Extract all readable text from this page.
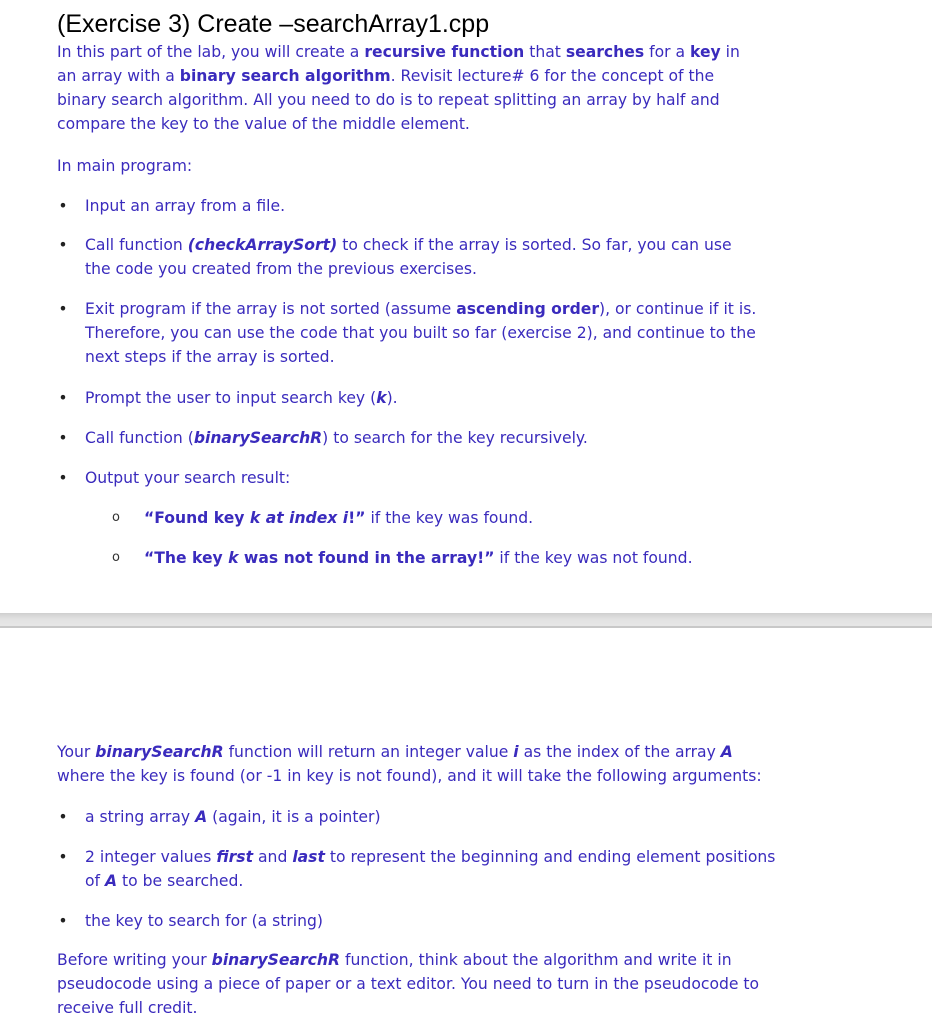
(Exercise 3) Create –searchArray1.cpp
In this part of the lab, you will create a recursive function that searches for a key in
an array with a binary search algorithm. Revisit lecture# 6 for the concept of the
binary search algorithm. All you need to do is to repeat splitting an array by half and
compare the key to the value of the middle element.
In main program:
• Input an array from a file.
• Call function (checkArraySort) to check if the array is sorted. So far, you can use
the code you created from the previous exercises.
• Exit program if the array is not sorted (assume ascending order), or continue if it is.
Therefore, you can use the code that you built so far (exercise 2), and continue to the
next steps if the array is sorted.
• Prompt the user to input search key (k).
• Call function (binarySearchR) to search for the key recursively.
• Output your search result:
o “Found key k at index i!” if the key was found.
o “The key k was not found in the array!” if the key was not found.
Your binarySearchR function will return an integer value i as the index of the array A
where the key is found (or -1 in key is not found), and it will take the following arguments:
• a string array A (again, it is a pointer)
• 2 integer values first and last to represent the beginning and ending element positions
of A to be searched.
• the key to search for (a string)
Before writing your binarySearchR function, think about the algorithm and write it in
pseudocode using a piece of paper or a text editor. You need to turn in the pseudocode to
receive full credit.
